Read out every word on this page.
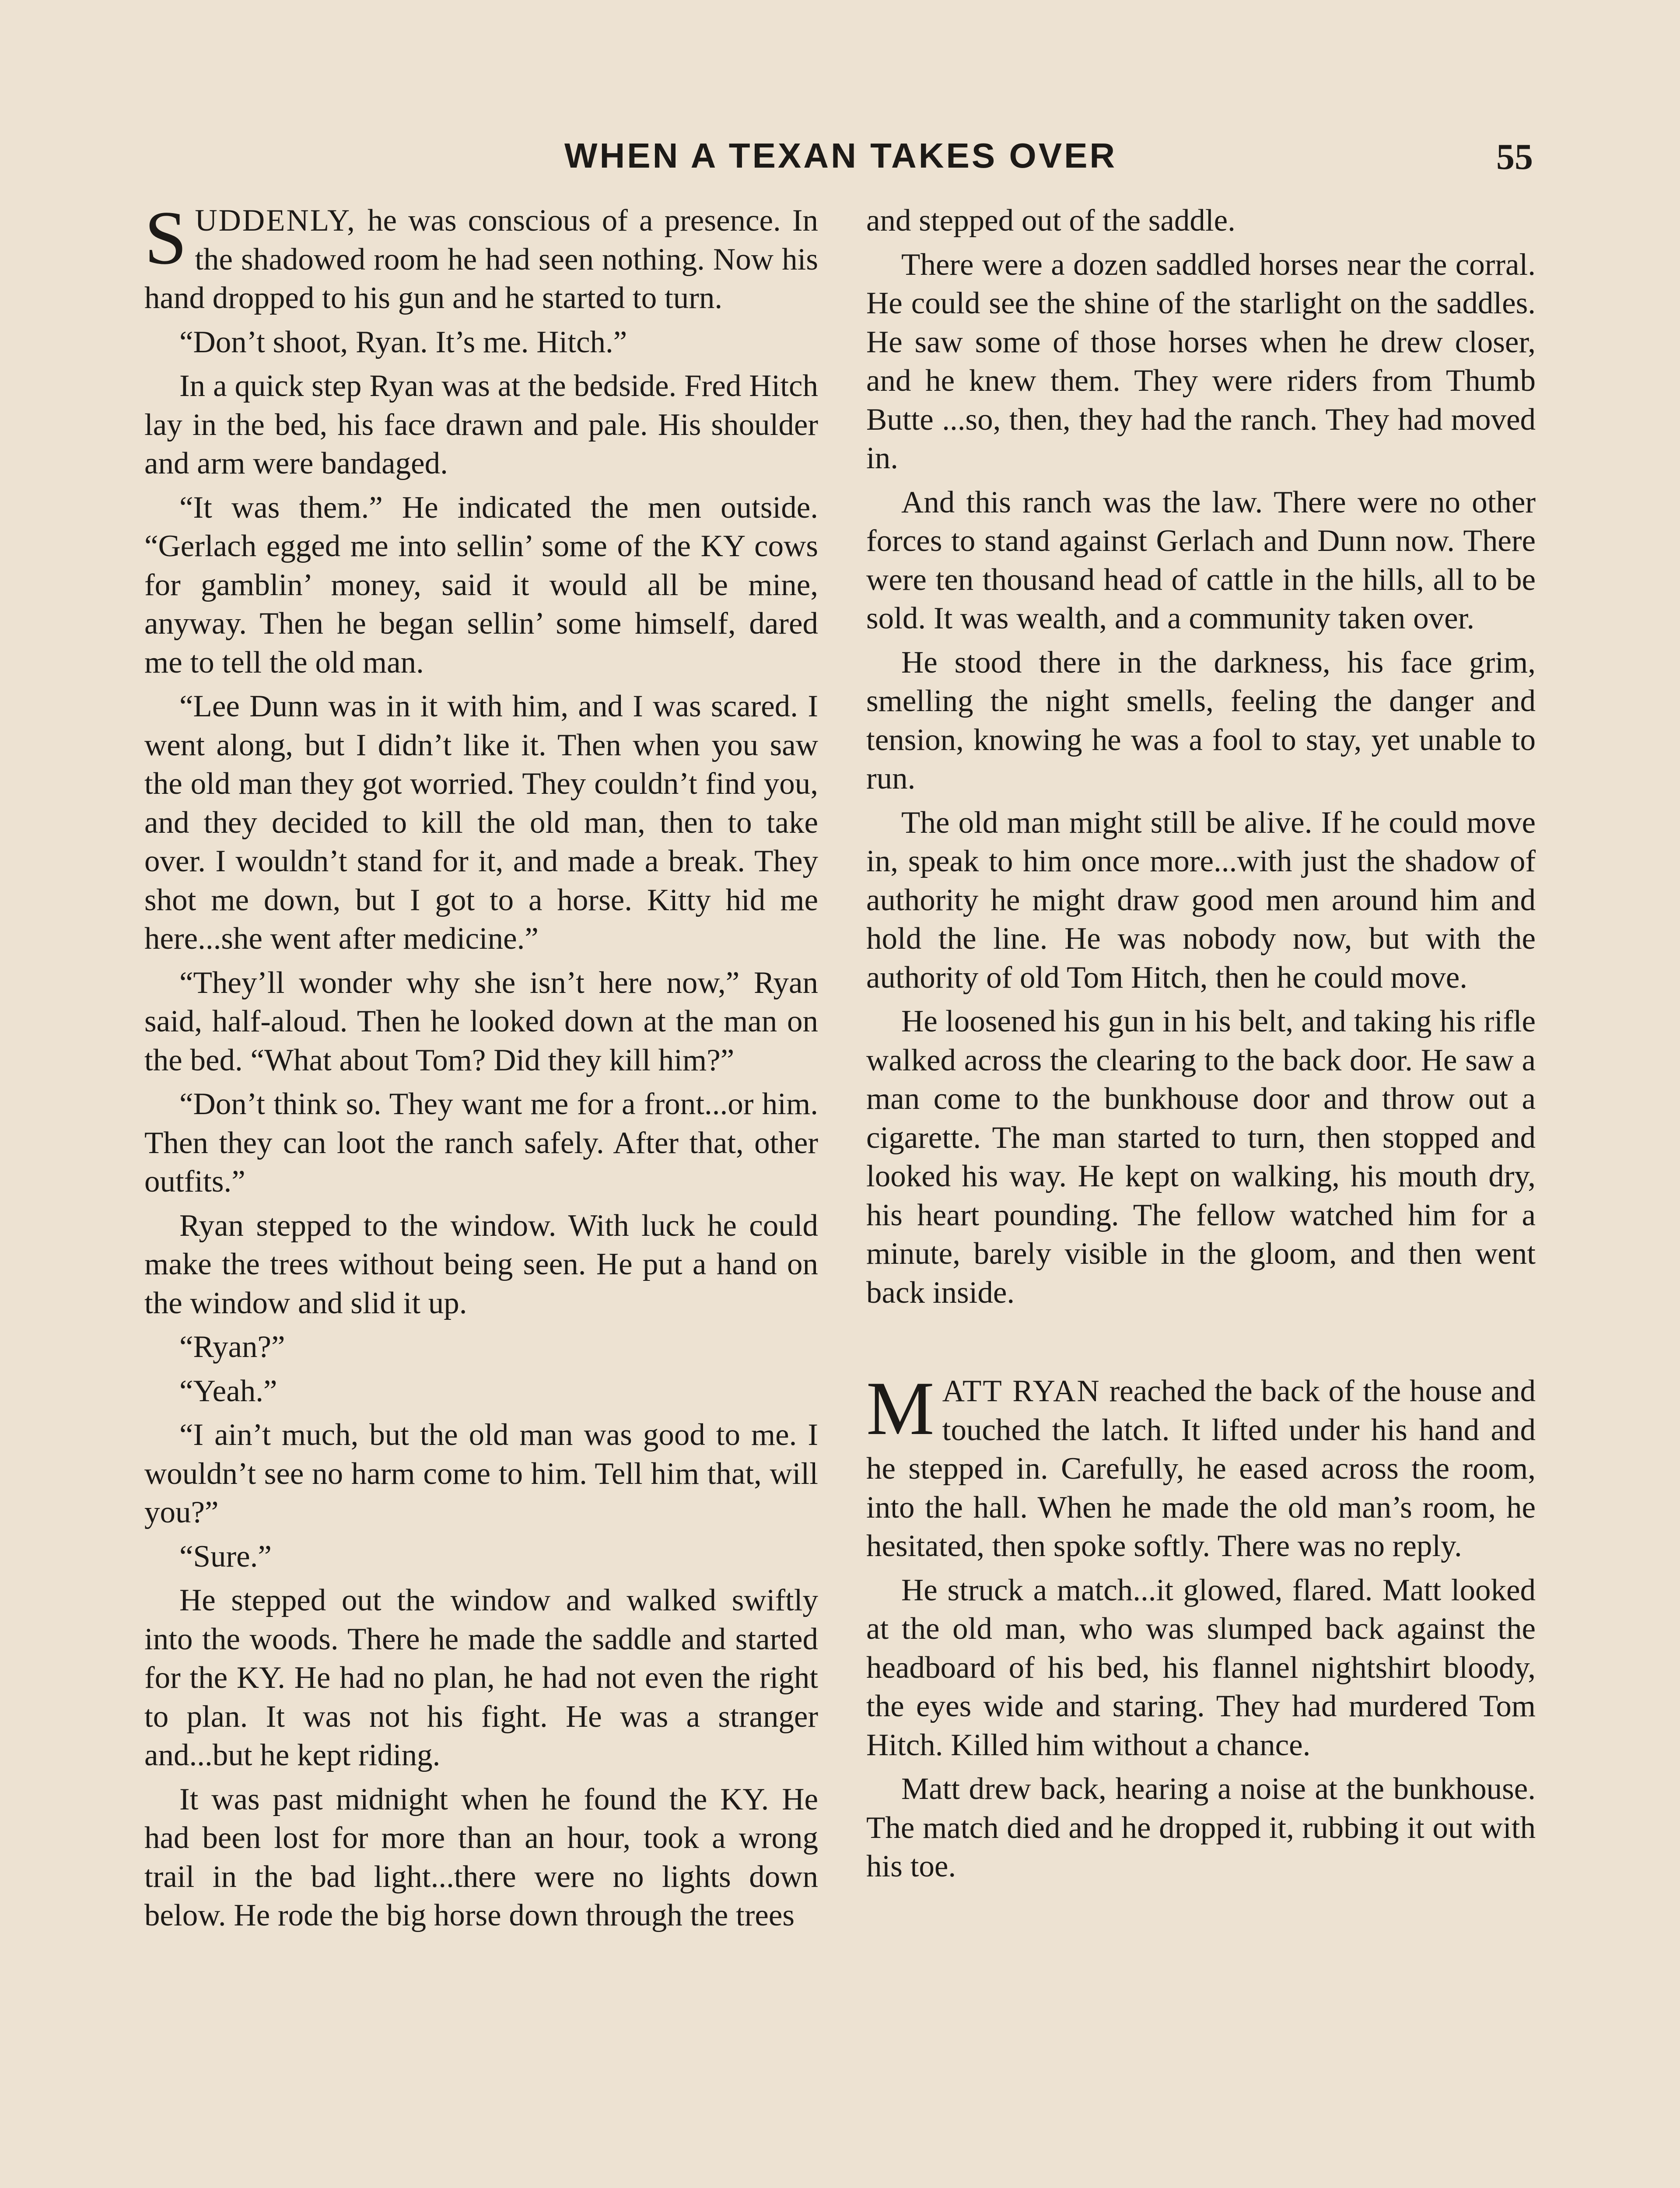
WHEN A TEXAN TAKES OVER	55

SUDDENLY, he was conscious of a presence. In the shadowed room he had seen nothing. Now his hand dropped to his gun and he started to turn.

“Don’t shoot, Ryan. It’s me. Hitch.”

In a quick step Ryan was at the bedside. Fred Hitch lay in the bed, his face drawn and pale. His shoulder and arm were bandaged.

“It was them.” He indicated the men outside. “Gerlach egged me into sellin’ some of the KY cows for gamblin’ money, said it would all be mine, anyway. Then he began sellin’ some himself, dared me to tell the old man.

“Lee Dunn was in it with him, and I was scared. I went along, but I didn’t like it. Then when you saw the old man they got worried. They couldn’t find you, and they decided to kill the old man, then to take over. I wouldn’t stand for it, and made a break. They shot me down, but I got to a horse. Kitty hid me here...she went after medicine.”

“They’ll wonder why she isn’t here now,” Ryan said, half-aloud. Then he looked down at the man on the bed. “What about Tom? Did they kill him?”

“Don’t think so. They want me for a front...or him. Then they can loot the ranch safely. After that, other outfits.”

Ryan stepped to the window. With luck he could make the trees without being seen. He put a hand on the window and slid it up.

“Ryan?”

“Yeah.”

“I ain’t much, but the old man was good to me. I wouldn’t see no harm come to him. Tell him that, will you?”

“Sure.”

He stepped out the window and walked swiftly into the woods. There he made the saddle and started for the KY. He had no plan, he had not even the right to plan. It was not his fight. He was a stranger and...but he kept riding.

It was past midnight when he found the KY. He had been lost for more than an hour, took a wrong trail in the bad light...there were no lights down below. He rode the big horse down through the trees

and stepped out of the saddle.

There were a dozen saddled horses near the corral. He could see the shine of the starlight on the saddles. He saw some of those horses when he drew closer, and he knew them. They were riders from Thumb Butte ...so, then, they had the ranch. They had moved in.

And this ranch was the law. There were no other forces to stand against Gerlach and Dunn now. There were ten thousand head of cattle in the hills, all to be sold. It was wealth, and a community taken over.

He stood there in the darkness, his face grim, smelling the night smells, feeling the danger and tension, knowing he was a fool to stay, yet unable to run.

The old man might still be alive. If he could move in, speak to him once more...with just the shadow of authority he might draw good men around him and hold the line. He was nobody now, but with the authority of old Tom Hitch, then he could move.

He loosened his gun in his belt, and taking his rifle walked across the clearing to the back door. He saw a man come to the bunkhouse door and throw out a cigarette. The man started to turn, then stopped and looked his way. He kept on walking, his mouth dry, his heart pounding. The fellow watched him for a minute, barely visible in the gloom, and then went back inside.

MATT RYAN reached the back of the house and touched the latch. It lifted under his hand and he stepped in. Carefully, he eased across the room, into the hall. When he made the old man’s room, he hesitated, then spoke softly. There was no reply.

He struck a match...it glowed, flared. Matt looked at the old man, who was slumped back against the headboard of his bed, his flannel nightshirt bloody, the eyes wide and staring. They had murdered Tom Hitch. Killed him without a chance.

Matt drew back, hearing a noise at the bunkhouse. The match died and he dropped it, rubbing it out with his toe.
